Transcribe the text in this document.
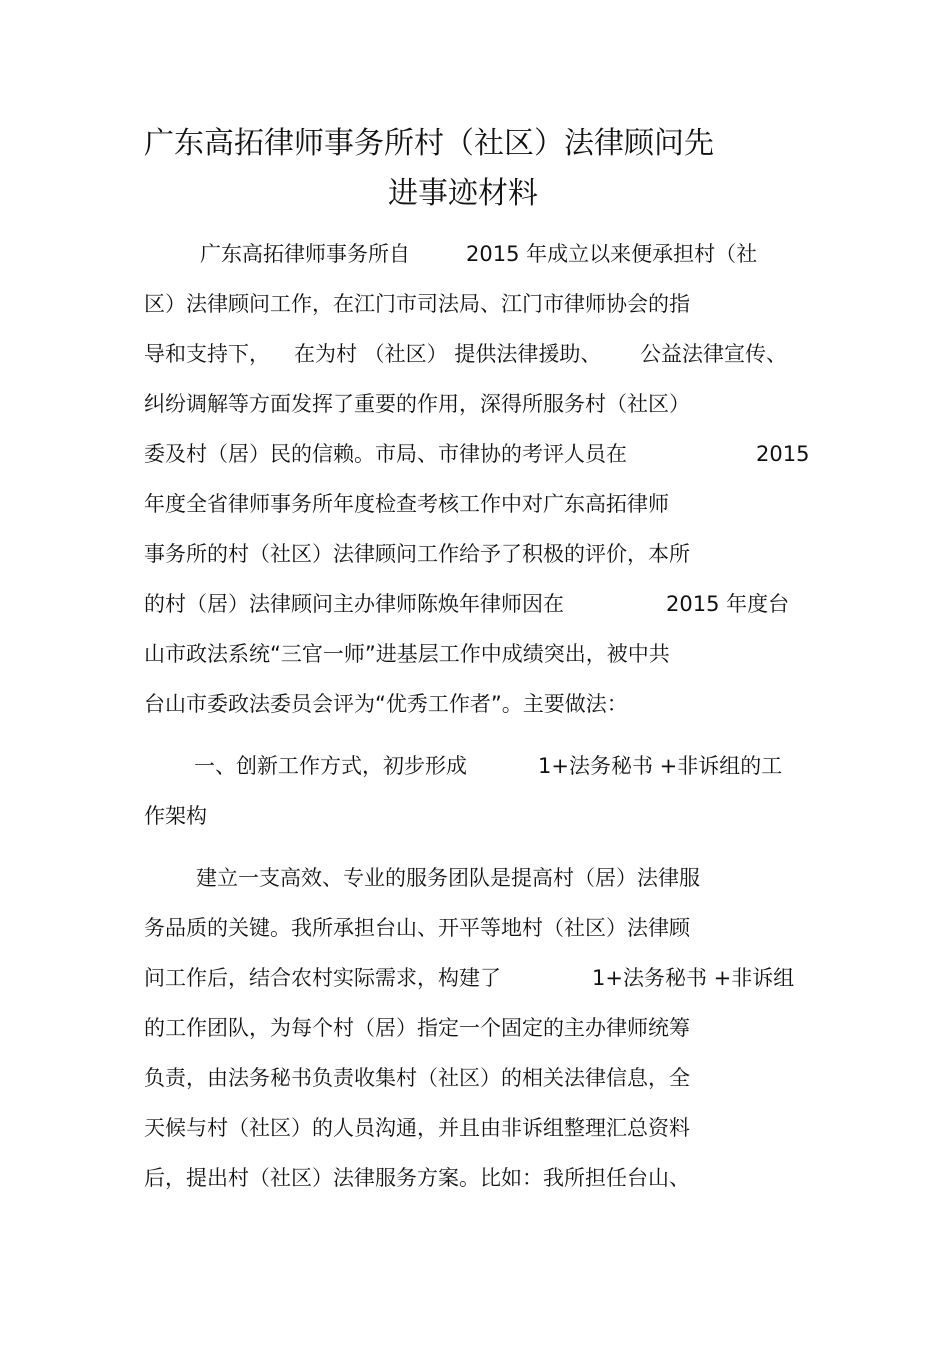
广东高拓律师事务所村（社区）法律顾问先
进事迹材料
广东高拓律师事务所自	2015 年成立以来便承担村（社
区）法律顾问工作，在江门市司法局、江门市律师协会的指
导和支持下， 在为村 （社区） 提供法律援助、 公益法律宣传、
纠纷调解等方面发挥了重要的作用，深得所服务村（社区）
委及村（居）民的信赖。市局、市律协的考评人员在	2015
年度全省律师事务所年度检查考核工作中对广东高拓律师
事务所的村（社区）法律顾问工作给予了积极的评价，本所
的村（居）法律顾问主办律师陈焕年律师因在	2015 年度台
山市政法系统“三官一师”进基层工作中成绩突出，被中共
台山市委政法委员会评为“优秀工作者”。主要做法：
一、创新工作方式，初步形成	1+法务秘书 +非诉组的工
作架构
建立一支高效、专业的服务团队是提高村（居）法律服
务品质的关键。我所承担台山、开平等地村（社区）法律顾
问工作后，结合农村实际需求，构建了	1+法务秘书 +非诉组
的工作团队，为每个村（居）指定一个固定的主办律师统筹
负责，由法务秘书负责收集村（社区）的相关法律信息，全
天候与村（社区）的人员沟通，并且由非诉组整理汇总资料
后，提出村（社区）法律服务方案。比如：我所担任台山、
